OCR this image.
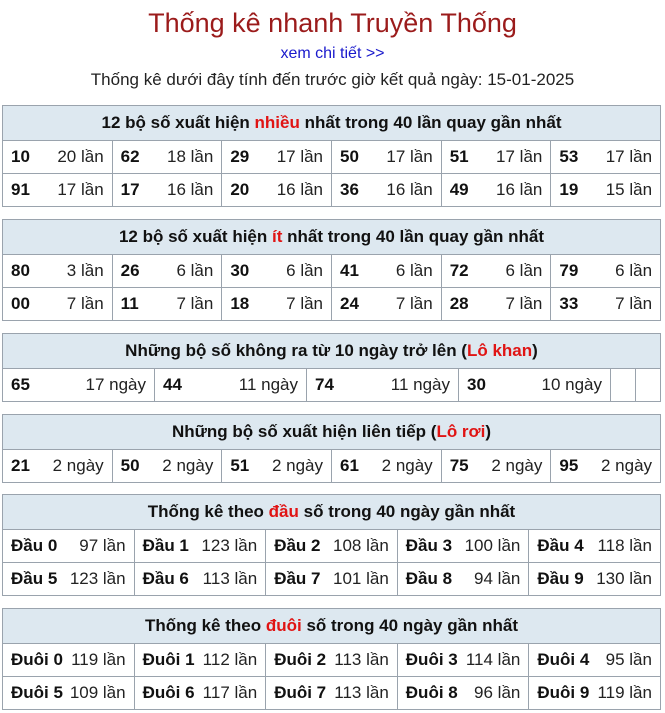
Thống kê nhanh Truyền Thống
xem chi tiết >>
Thống kê dưới đây tính đến trước giờ kết quả ngày: 15-01-2025
12 bộ số xuất hiện nhiều nhất trong 40 lần quay gần nhất
10 20 lần 62 18 lần 29 17 lần 50 17 lần 51 17 lần 53 17 lần
91 17 lần 17 16 lần 20 16 lần 36 16 lần 49 16 lần 19 15 lần
12 bộ số xuất hiện ít nhất trong 40 lần quay gần nhất
80 3 lần 26 6 lần 30 6 lần 41 6 lần 72 6 lần 79 6 lần
00 7 lần 11 7 lần 18 7 lần 24 7 lần 28 7 lần 33 7 lần
Những bộ số không ra từ 10 ngày trở lên (Lô khan)
65	17 ngày 44	11 ngày 74	11 ngày 30	10 ngày
Những bộ số xuất hiện liên tiếp (Lô rơi)
21 2 ngày 50 2 ngày 51 2 ngày 61 2 ngày 75 2 ngày 95 2 ngày
Thống kê theo đầu số trong 40 ngày gần nhất
Đầu 0 97 lần Đầu 1 123 lần Đầu 2 108 lần Đầu 3 100 lần Đầu 4 118 lần
Đầu 5 123 lần Đầu 6 113 lần Đầu 7 101 lần Đầu 8 94 lần Đầu 9 130 lần
Thống kê theo đuôi số trong 40 ngày gần nhất
Đuôi 0 119 lần Đuôi 1 112 lần Đuôi 2 113 lần Đuôi 3 114 lần Đuôi 4 95 lần
Đuôi 5 109 lần Đuôi 6 117 lần Đuôi 7 113 lần Đuôi 8 96 lần Đuôi 9 119 lần
